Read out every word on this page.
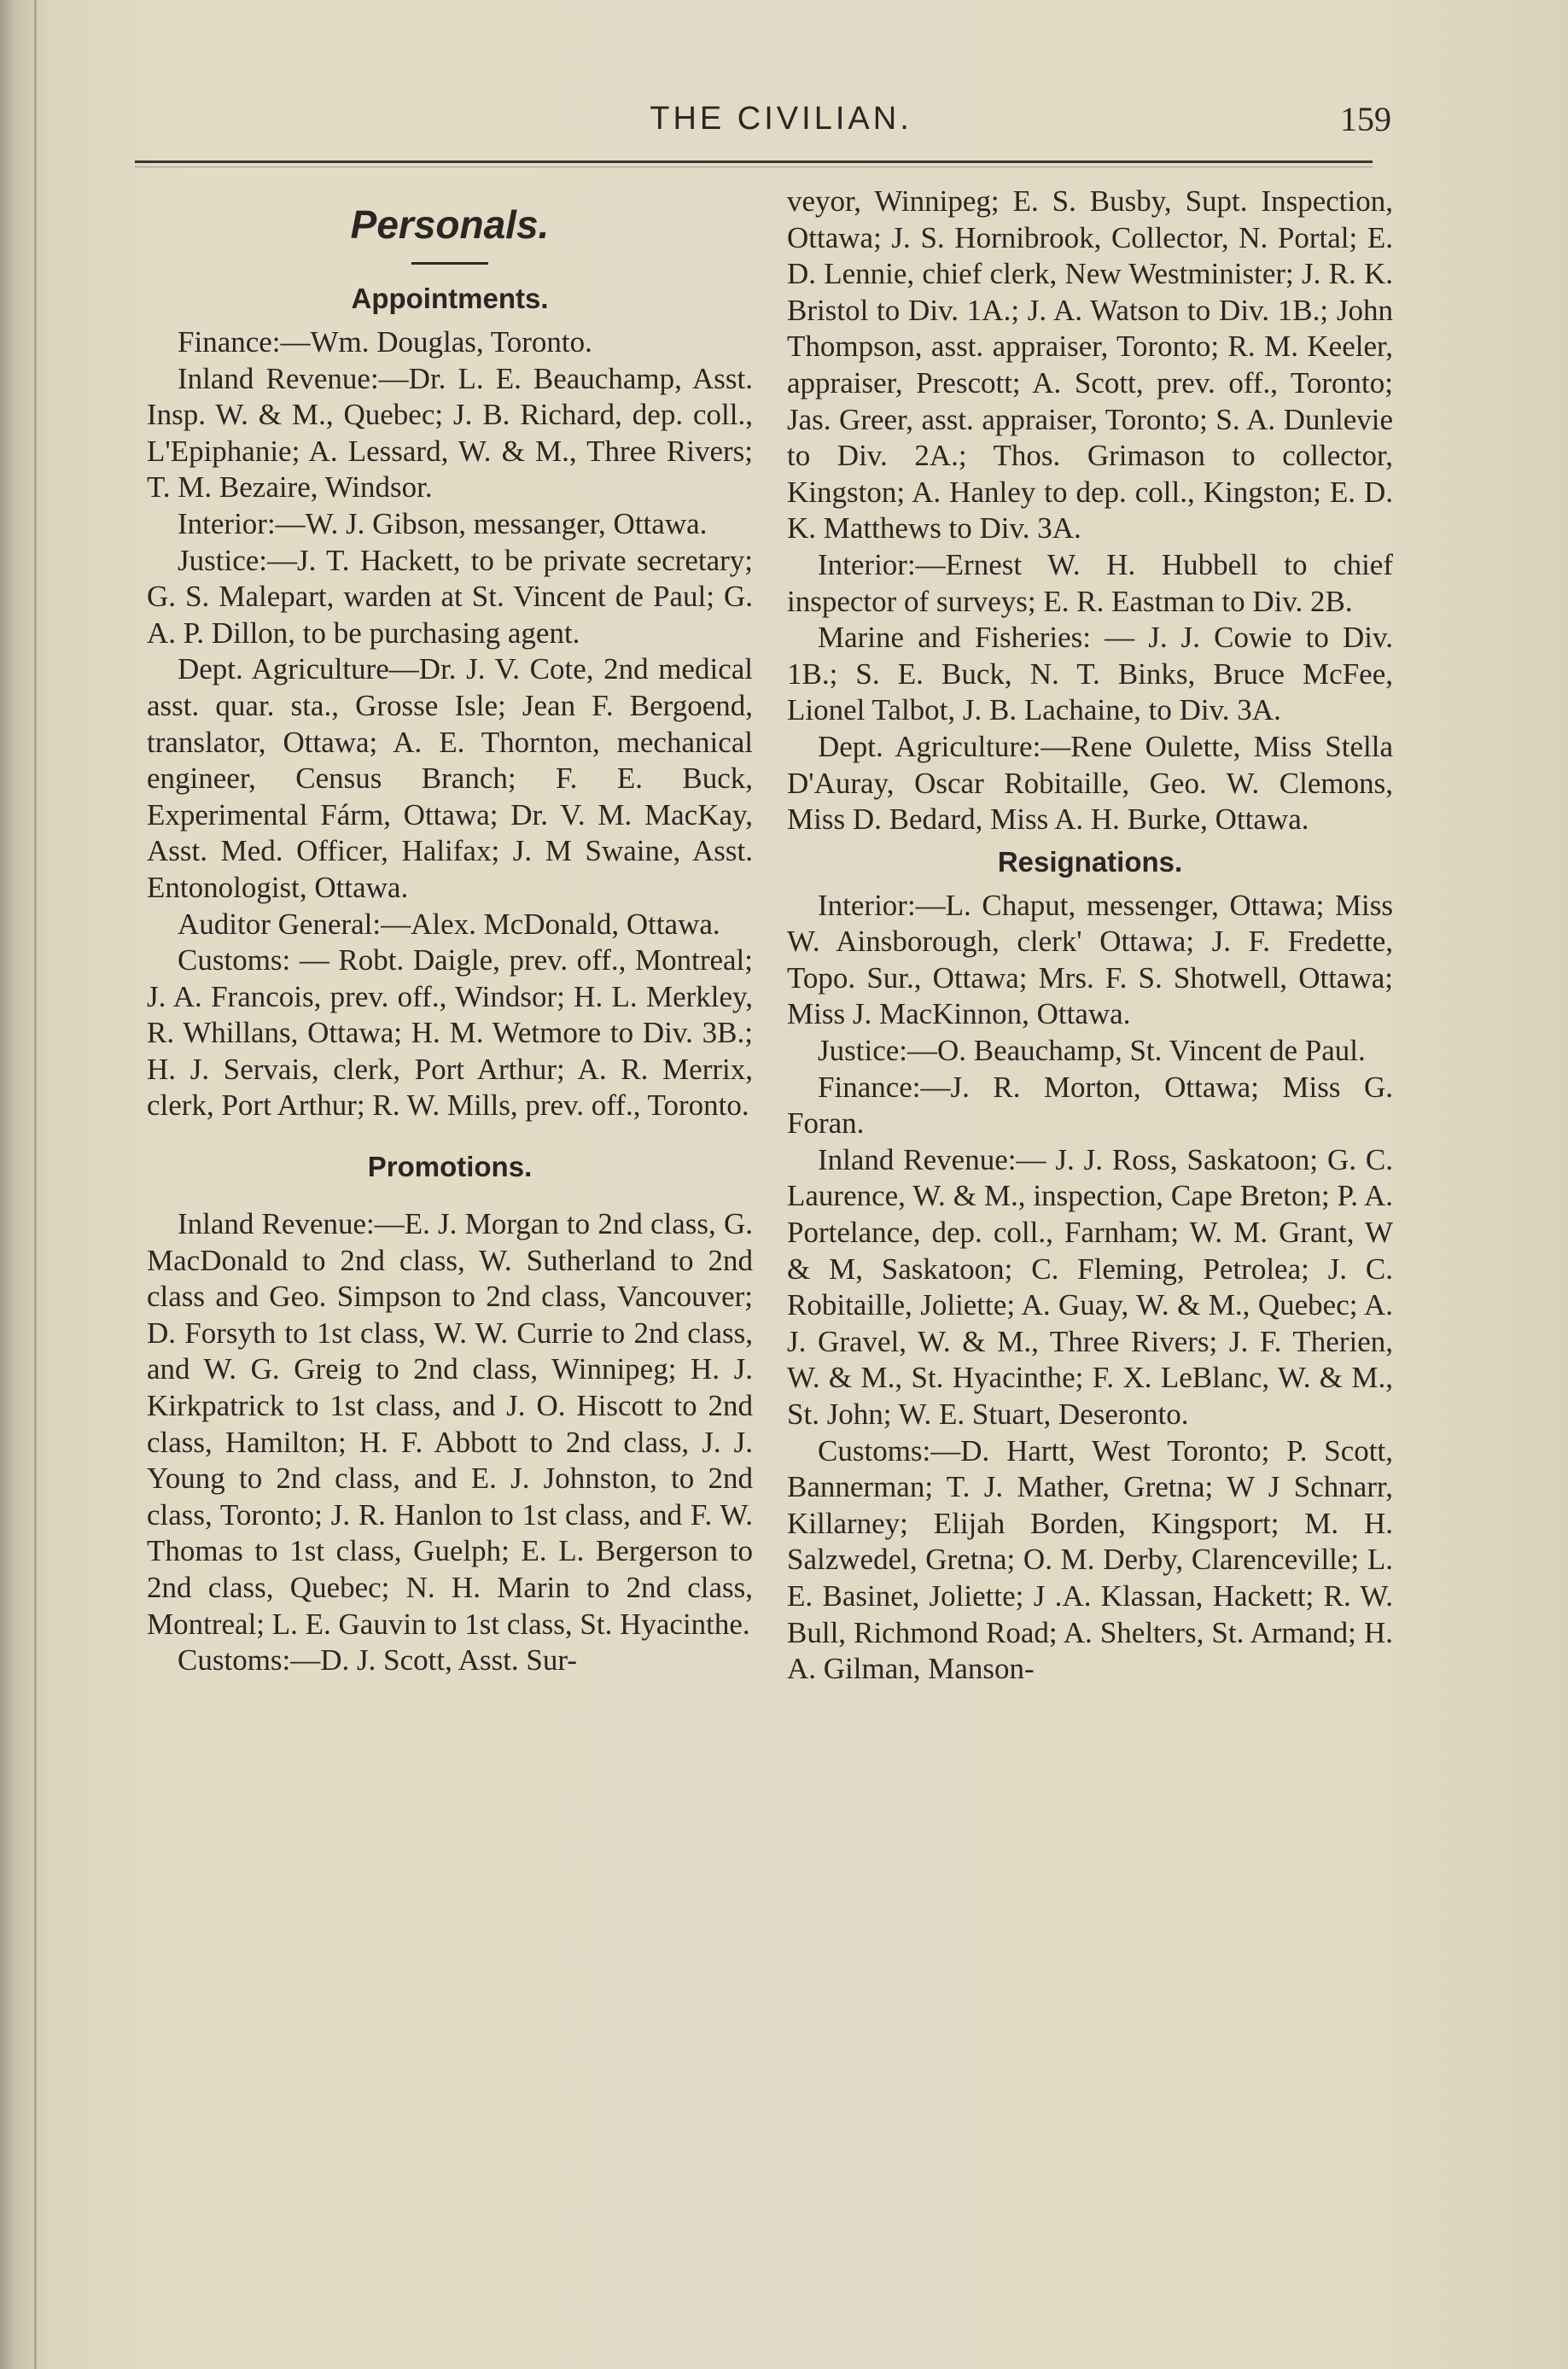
THE CIVILIAN.	159
Personals.
Appointments.

Finance:—Wm. Douglas, Toronto.

Inland Revenue:—Dr. L. E. Beauchamp, Asst. Insp. W. & M., Quebec; J. B. Richard, dep. coll., L'Epiphanie; A. Lessard, W. & M., Three Rivers; T. M. Bezaire, Windsor.

Interior:—W. J. Gibson, messanger, Ottawa.

Justice:—J. T. Hackett, to be private secretary; G. S. Malepart, warden at St. Vincent de Paul; G. A. P. Dillon, to be purchasing agent.

Dept. Agriculture—Dr. J. V. Cote, 2nd medical asst. quar. sta., Grosse Isle; Jean F. Bergoend, translator, Ottawa; A. E. Thornton, mechanical engineer, Census Branch; F. E. Buck, Experimental Fárm, Ottawa; Dr. V. M. MacKay, Asst. Med. Officer, Halifax; J. M Swaine, Asst. Entonologist, Ottawa.

Auditor General:—Alex. McDonald, Ottawa.

Customs: — Robt. Daigle, prev. off., Montreal; J. A. Francois, prev. off., Windsor; H. L. Merkley, R. Whillans, Ottawa; H. M. Wetmore to Div. 3B.; H. J. Servais, clerk, Port Arthur; A. R. Merrix, clerk, Port Arthur; R. W. Mills, prev. off., Toronto.

Promotions.

Inland Revenue:—E. J. Morgan to 2nd class, G. MacDonald to 2nd class, W. Sutherland to 2nd class and Geo. Simpson to 2nd class, Vancouver; D. Forsyth to 1st class, W. W. Currie to 2nd class, and W. G. Greig to 2nd class, Winnipeg; H. J. Kirkpatrick to 1st class, and J. O. Hiscott to 2nd class, Hamilton; H. F. Abbott to 2nd class, J. J. Young to 2nd class, and E. J. Johnston, to 2nd class, Toronto; J. R. Hanlon to 1st class, and F. W. Thomas to 1st class, Guelph; E. L. Bergerson to 2nd class, Quebec; N. H. Marin to 2nd class, Montreal; L. E. Gauvin to 1st class, St. Hyacinthe.

Customs:—D. J. Scott, Asst. Sur-

veyor, Winnipeg; E. S. Busby, Supt. Inspection, Ottawa; J. S. Hornibrook, Collector, N. Portal; E. D. Lennie, chief clerk, New Westminister; J. R. K. Bristol to Div. 1A.; J. A. Watson to Div. 1B.; John Thompson, asst. appraiser, Toronto; R. M. Keeler, appraiser, Prescott; A. Scott, prev. off., Toronto; Jas. Greer, asst. appraiser, Toronto; S. A. Dunlevie to Div. 2A.; Thos. Grimason to collector, Kingston; A. Hanley to dep. coll., Kingston; E. D. K. Matthews to Div. 3A.

Interior:—Ernest W. H. Hubbell to chief inspector of surveys; E. R. Eastman to Div. 2B.

Marine and Fisheries: — J. J. Cowie to Div. 1B.; S. E. Buck, N. T. Binks, Bruce McFee, Lionel Talbot, J. B. Lachaine, to Div. 3A.

Dept. Agriculture:—Rene Oulette, Miss Stella D'Auray, Oscar Robitaille, Geo. W. Clemons, Miss D. Bedard, Miss A. H. Burke, Ottawa.

Resignations.

Interior:—L. Chaput, messenger, Ottawa; Miss W. Ainsborough, clerk' Ottawa; J. F. Fredette, Topo. Sur., Ottawa; Mrs. F. S. Shotwell, Ottawa; Miss J. MacKinnon, Ottawa.

Justice:—O. Beauchamp, St. Vincent de Paul.

Finance:—J. R. Morton, Ottawa; Miss G. Foran.

Inland Revenue:— J. J. Ross, Saskatoon; G. C. Laurence, W. & M., inspection, Cape Breton; P. A. Portelance, dep. coll., Farnham; W. M. Grant, W & M, Saskatoon; C. Fleming, Petrolea; J. C. Robitaille, Joliette; A. Guay, W. & M., Quebec; A. J. Gravel, W. & M., Three Rivers; J. F. Therien, W. & M., St. Hyacinthe; F. X. LeBlanc, W. & M., St. John; W. E. Stuart, Deseronto.

Customs:—D. Hartt, West Toronto; P. Scott, Bannerman; T. J. Mather, Gretna; W J Schnarr, Killarney; Elijah Borden, Kingsport; M. H. Salzwedel, Gretna; O. M. Derby, Clarenceville; L. E. Basinet, Joliette; J .A. Klassan, Hackett; R. W. Bull, Richmond Road; A. Shelters, St. Armand; H. A. Gilman, Manson-
